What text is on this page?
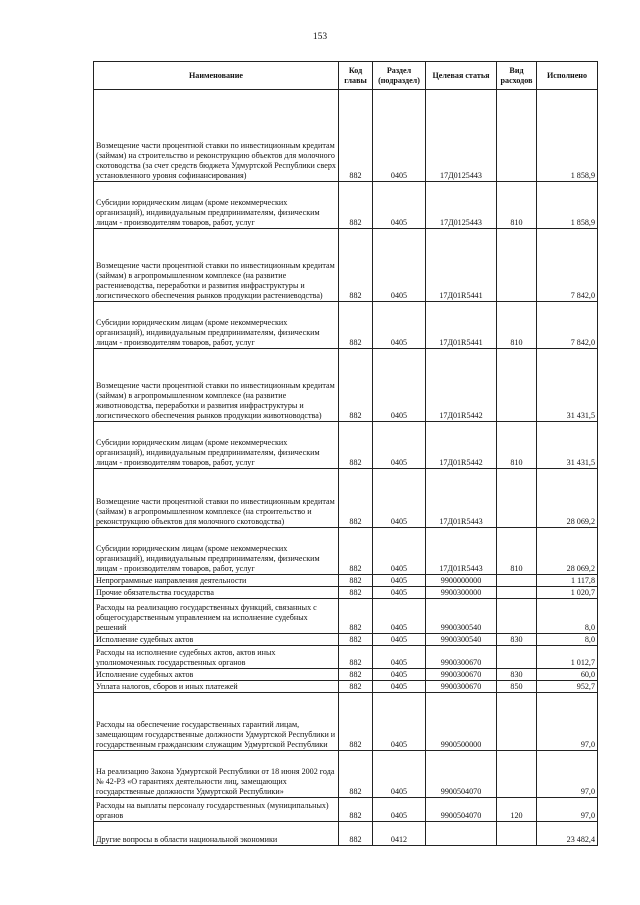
153
Наименование	Код главы	Раздел (подраздел)	Целевая статья	Вид расходов	Исполнено
Возмещение части процентной ставки по инвестиционным кредитам (займам) на строительство и реконструкцию объектов для молочного скотоводства (за счет средств бюджета Удмуртской Республики сверх установленного уровня софинансирования)	882	0405	17Д0125443		1 858,9
Субсидии юридическим лицам (кроме некоммерческих организаций), индивидуальным предпринимателям, физическим лицам - производителям товаров, работ, услуг	882	0405	17Д0125443	810	1 858,9
Возмещение части процентной ставки по инвестиционным кредитам (займам) в агропромышленном комплексе (на развитие растениеводства, переработки и развития инфраструктуры и логистического обеспечения рынков продукции растениеводства)	882	0405	17Д01R5441		7 842,0
Субсидии юридическим лицам (кроме некоммерческих организаций), индивидуальным предпринимателям, физическим лицам - производителям товаров, работ, услуг	882	0405	17Д01R5441	810	7 842,0
Возмещение части процентной ставки по инвестиционным кредитам (займам) в агропромышленном комплексе (на развитие животноводства, переработки и развития инфраструктуры и логистического обеспечения рынков продукции животноводства)	882	0405	17Д01R5442		31 431,5
Субсидии юридическим лицам (кроме некоммерческих организаций), индивидуальным предпринимателям, физическим лицам - производителям товаров, работ, услуг	882	0405	17Д01R5442	810	31 431,5
Возмещение части процентной ставки по инвестиционным кредитам (займам) в агропромышленном комплексе (на строительство и реконструкцию объектов для молочного скотоводства)	882	0405	17Д01R5443		28 069,2
Субсидии юридическим лицам (кроме некоммерческих организаций), индивидуальным предпринимателям, физическим лицам - производителям товаров, работ, услуг	882	0405	17Д01R5443	810	28 069,2
Непрограммные направления деятельности	882	0405	9900000000		1 117,8
Прочие обязательства государства	882	0405	9900300000		1 020,7
Расходы на реализацию государственных функций, связанных с общегосударственным управлением на исполнение судебных решений	882	0405	9900300540		8,0
Исполнение судебных актов	882	0405	9900300540	830	8,0
Расходы на исполнение судебных актов, актов иных уполномоченных государственных органов	882	0405	9900300670		1 012,7
Исполнение судебных актов	882	0405	9900300670	830	60,0
Уплата налогов, сборов и иных платежей	882	0405	9900300670	850	952,7
Расходы на обеспечение государственных гарантий лицам, замещающим государственные должности Удмуртской Республики и государственным гражданским служащим Удмуртской Республики	882	0405	9900500000		97,0
На реализацию Закона Удмуртской Республики от 18 июня 2002 года № 42-РЗ «О гарантиях деятельности лиц, замещающих государственные должности Удмуртской Республики»	882	0405	9900504070		97,0
Расходы на выплаты персоналу государственных (муниципальных) органов	882	0405	9900504070	120	97,0
Другие вопросы в области национальной экономики	882	0412			23 482,4
